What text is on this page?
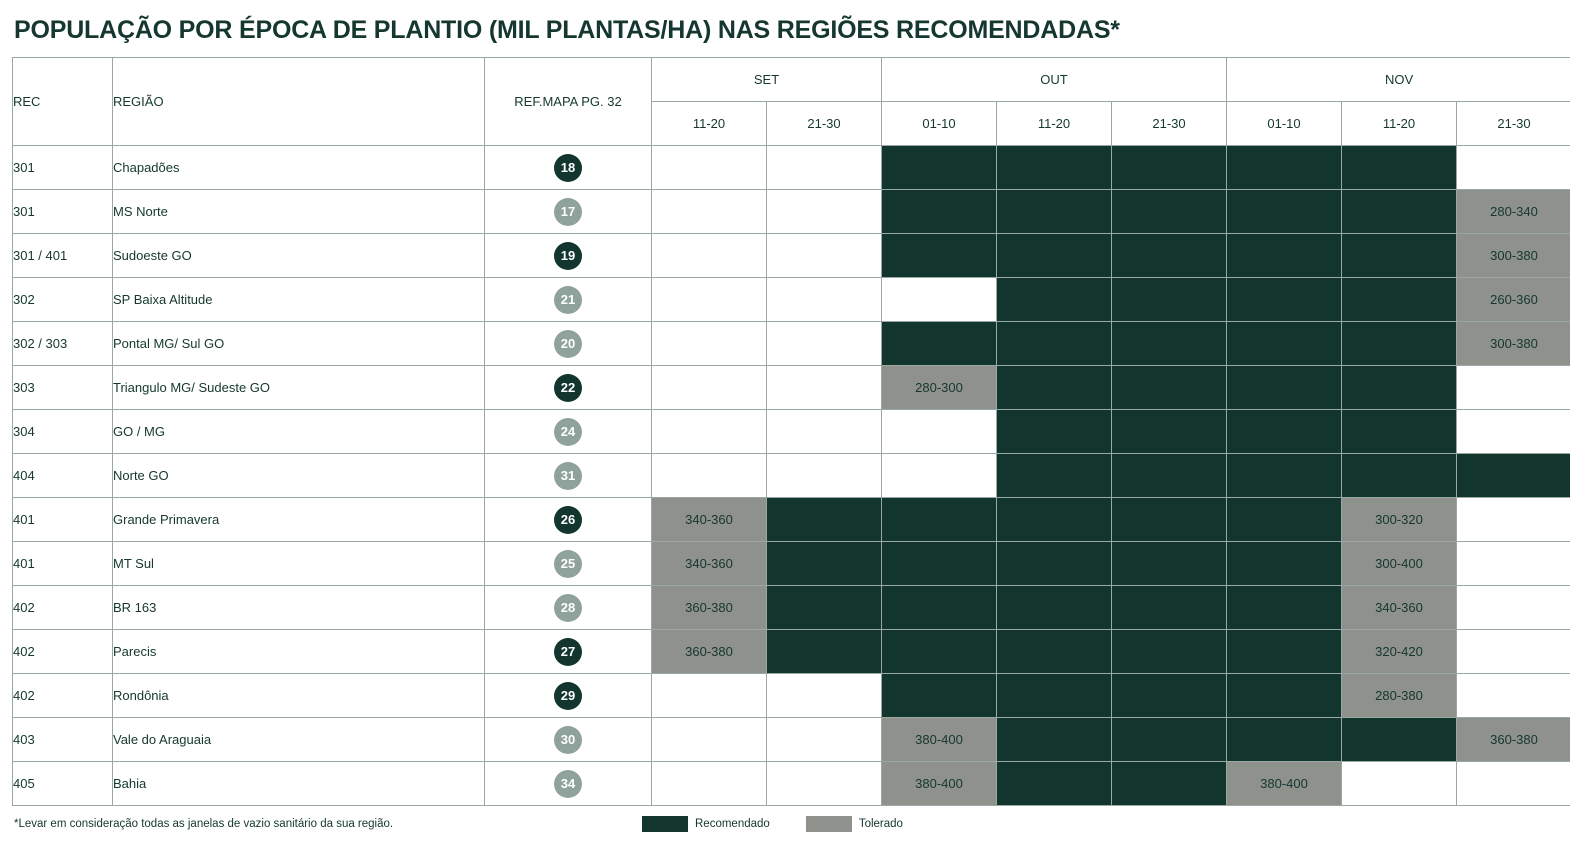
POPULAÇÃO POR ÉPOCA DE PLANTIO (MIL PLANTAS/HA) NAS REGIÕES RECOMENDADAS*
REC	REGIÃO	REF.MAPA PG. 32	SET		OUT			NOV		
			11-20	21-30	01-10	11-20	21-30	01-10	11-20	21-30
301	Chapadões	18			280-320	280-300	280-300	280-300	280-300	
301	MS Norte	17			280-320	280-300	280-300	280-300	280-300	280-340
301 / 401	Sudoeste GO	19			300-340	280-320	280-320	280-320	280-320	300-380
302	SP Baixa Altitude	21				240-280	240-280	240-280	240-340	260-360
302 / 303	Pontal MG/ Sul GO	20			280-340	280-320	280-320	280-320	280-380	300-380
303	Triangulo MG/ Sudeste GO	22			280-300	260-280	260-280	260-280	260-280	
304	GO / MG	24				260-300	260-300	260-300	260-300	
404	Norte GO	31				280-320	280-320	280-320	280-320	300-380
401	Grande Primavera	26	340-360	320-360	320-340	300-320	300-320	300-320	300-320	
401	MT Sul	25	340-360	320-340	300-320	300-320	300-320	300-320	300-400	
402	BR 163	28	360-380	340-360	340-360	320-340	320-340	320-340	340-360	
402	Parecis	27	360-380	340-360	320-360	320-340	320-340	320-340	320-420	
402	Rondônia	29			280-300	280-300	280-300	280-300	280-380	
403	Vale do Araguaia	30			380-400	360-400	360-380	360-380	360-380	360-380
405	Bahia	34			380-400	380-400	380-400	380-400		
*Levar em consideração todas as janelas de vazio sanitário da sua região.	Recomendado	Tolerado
